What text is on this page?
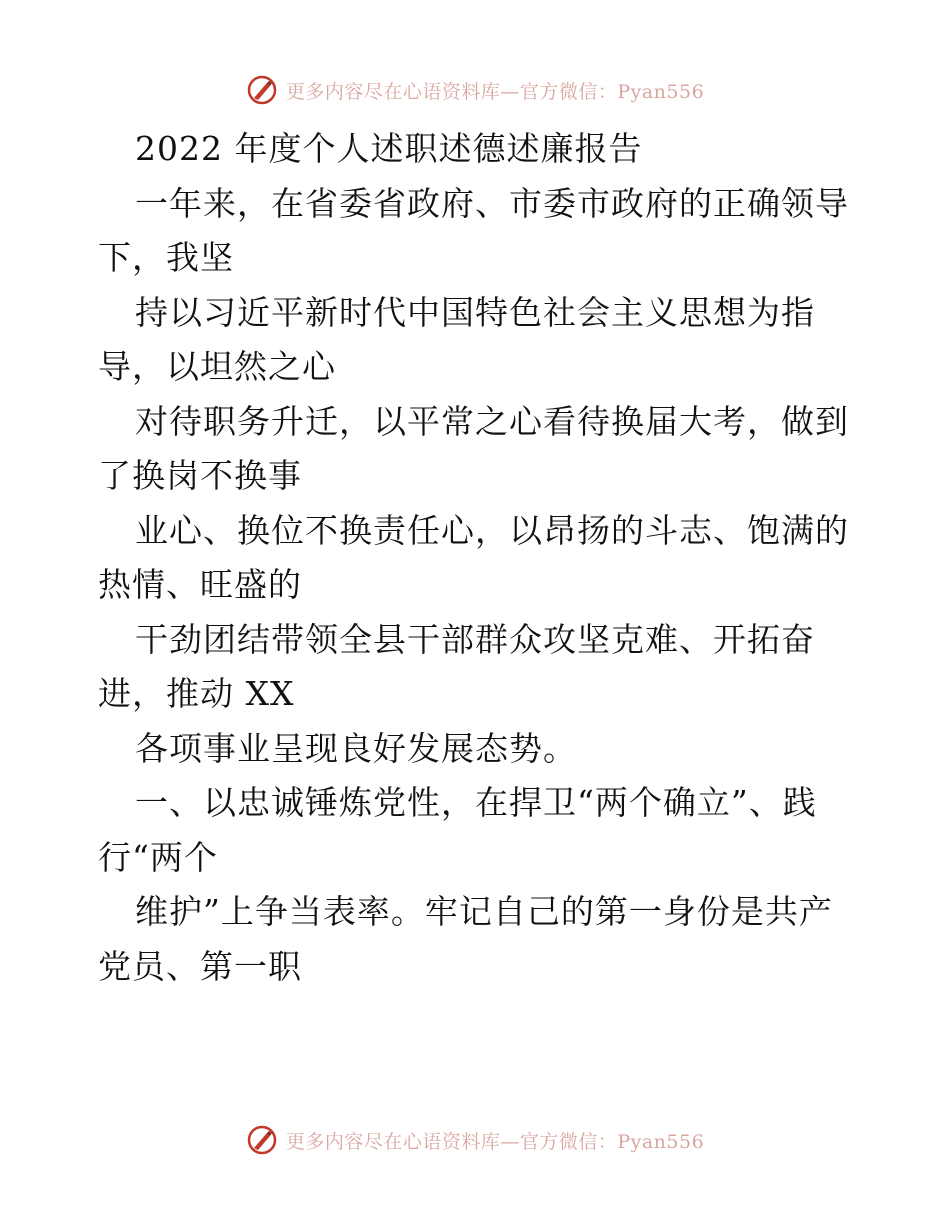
更多内容尽在心语资料库—官方微信：Pyan556
2022 年度个人述职述德述廉报告
一年来，在省委省政府、市委市政府的正确领导
下，我坚
持以习近平新时代中国特色社会主义思想为指
导，以坦然之心
对待职务升迁，以平常之心看待换届大考，做到
了换岗不换事
业心、换位不换责任心，以昂扬的斗志、饱满的
热情、旺盛的
干劲团结带领全县干部群众攻坚克难、开拓奋
进，推动 XX
各项事业呈现良好发展态势。
一、以忠诚锤炼党性，在捍卫“两个确立”、践
行“两个
维护”上争当表率。牢记自己的第一身份是共产
党员、第一职
更多内容尽在心语资料库—官方微信：Pyan556
